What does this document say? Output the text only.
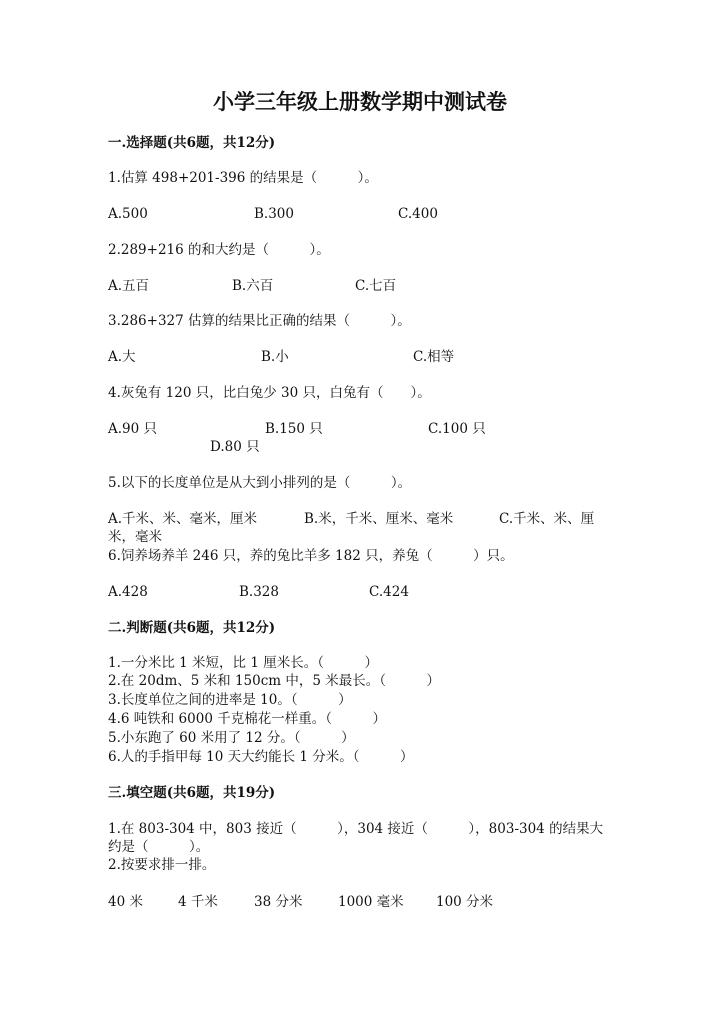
小学三年级上册数学期中测试卷
一.选择题(共6题，共12分)
1.估算 498+201-396 的结果是（　　　）。
A.500	B.300	C.400
2.289+216 的和大约是（　　　）。
A.五百	B.六百	C.七百
3.286+327 估算的结果比正确的结果（　　　）。
A.大	B.小	C.相等
4.灰兔有 120 只，比白兔少 30 只，白兔有（　　）。
A.90 只	B.150 只	C.100 只
D.80 只
5.以下的长度单位是从大到小排列的是（　　　）。
A.千米、米、毫米，厘米	B.米，千米、厘米、毫米	C.千米、米、厘
米，毫米
6.饲养场养羊 246 只，养的兔比羊多 182 只，养兔（　　　）只。
A.428	B.328	C.424
二.判断题(共6题，共12分)
1.一分米比 1 米短，比 1 厘米长。（　　　）
2.在 20dm、5 米和 150cm 中，5 米最长。（　　　）
3.长度单位之间的进率是 10。（　　　）
4.6 吨铁和 6000 千克棉花一样重。（　　　）
5.小东跑了 60 米用了 12 分。（　　　）
6.人的手指甲每 10 天大约能长 1 分米。（　　　）
三.填空题(共6题，共19分)
1.在 803-304 中，803 接近（　　　），304 接近（　　　），803-304 的结果大
约是（　　　）。
2.按要求排一排。
40 米	4 千米	38 分米	1000 毫米 100 分米
